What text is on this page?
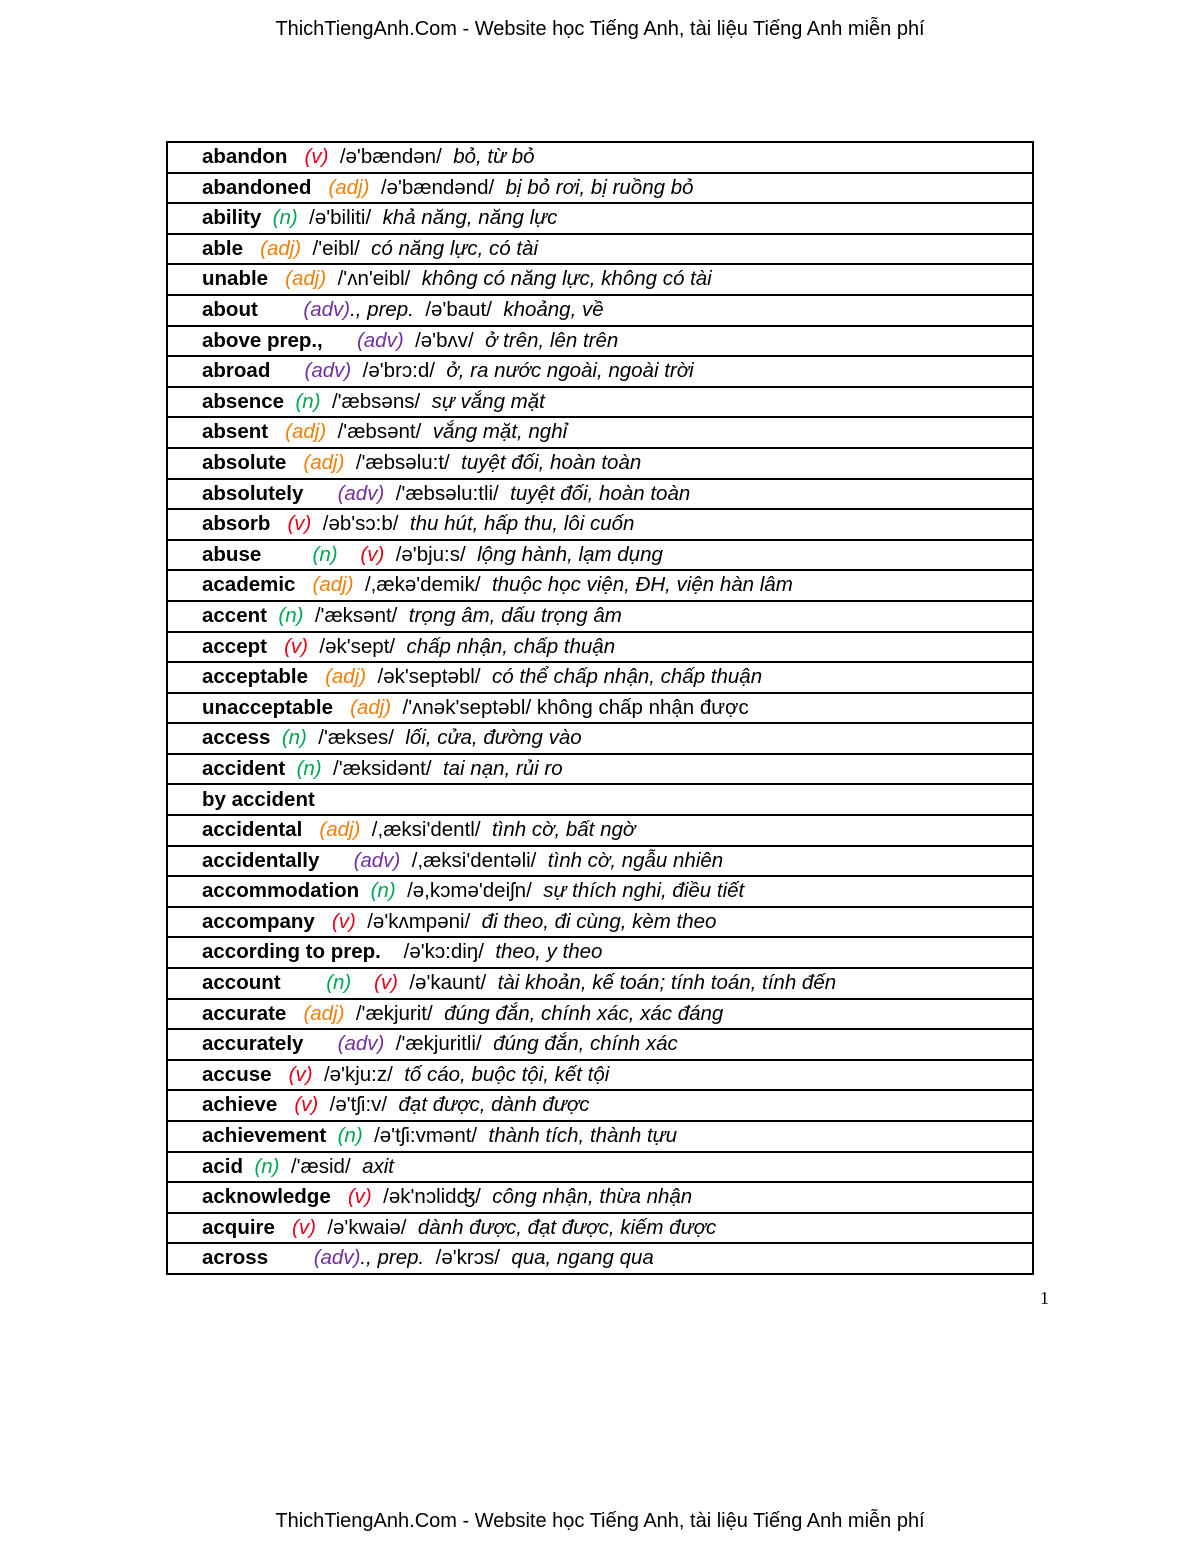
ThichTiengAnh.Com - Website học Tiếng Anh, tài liệu Tiếng Anh miễn phí
abandon
(v)
/ə'bændən/
bỏ, từ bỏ
abandoned
(adj)
/ə'bændənd/
bị bỏ rơi, bị ruồng bỏ
ability
(n)
/ə'biliti/
khả năng, năng lực
able
(adj)
/'eibl/
có năng lực, có tài
unable
(adj)
/'ʌn'eibl/
không có năng lực, không có tài
about
(adv) ., prep.
/ə'baut/
khoảng, về
above prep.,
(adv)
/ə'bʌv/
ở trên, lên trên
abroad
(adv)
/ə'brɔ:d/
ở, ra nước ngoài, ngoài trời
absence
(n)
/'æbsəns/
sự vắng mặt
absent
(adj)
/'æbsənt/
vắng mặt, nghỉ
absolute
(adj)
/'æbsəlu:t/
tuyệt đối, hoàn toàn
absolutely
(adv)
/'æbsəlu:tli/
tuyệt đối, hoàn toàn
absorb
(v)
/əb'sɔ:b/
thu hút, hấp thu, lôi cuốn
abuse
	(n)
(v)
/ə'bju:s/
lộng hành, lạm dụng
academic
(adj)
/,ækə'demik/
thuộc học viện, ĐH, viện hàn lâm
accent
(n)
/'æksənt/
trọng âm, dấu trọng âm
accept
(v)
/ək'sept/
chấp nhận, chấp thuận
acceptable
(adj)
/ək'septəbl/
có thể chấp nhận, chấp thuận
unacceptable
(adj)
/'ʌnək'septəbl/
không chấp nhận được
access
(n)
/'ækses/
lối, cửa, đường vào
accident
(n)
/'æksidənt/
tai nạn, rủi ro
by accident

accidental
(adj)
/,æksi'dentl/
tình cờ, bất ngờ
accidentally
(adv)
/,æksi'dentəli/
tình cờ, ngẫu nhiên
accommodation
(n)
/ə,kɔmə'deiʃn/
sự thích nghi, điều tiết
accompany
(v)
/ə'kʌmpəni/
đi theo, đi cùng, kèm theo
according to prep.
/ə'kɔ:diŋ/
theo, y theo
account
(n)
(v)
/ə'kaunt/
tài khoản, kế toán; tính toán, tính đến
accurate
(adj)
/'ækjurit/
đúng đắn, chính xác, xác đáng
accurately
(adv)
/'ækjuritli/
đúng đắn, chính xác
accuse
(v)
/ə'kju:z/
tố cáo, buộc tội, kết tội
achieve
(v)
/ə'tʃi:v/
đạt được, dành được
achievement
(n)
/ə'tʃi:vmənt/
thành tích, thành tựu
acid
(n)
/'æsid/
axit
acknowledge
(v)
/ək'nɔlidʤ/
công nhận, thừa nhận
acquire
(v)
/ə'kwaiə/
dành được, đạt được, kiếm được
across
(adv) ., prep.
/ə'krɔs/
qua, ngang qua
1
ThichTiengAnh.Com - Website học Tiếng Anh, tài liệu Tiếng Anh miễn phí
